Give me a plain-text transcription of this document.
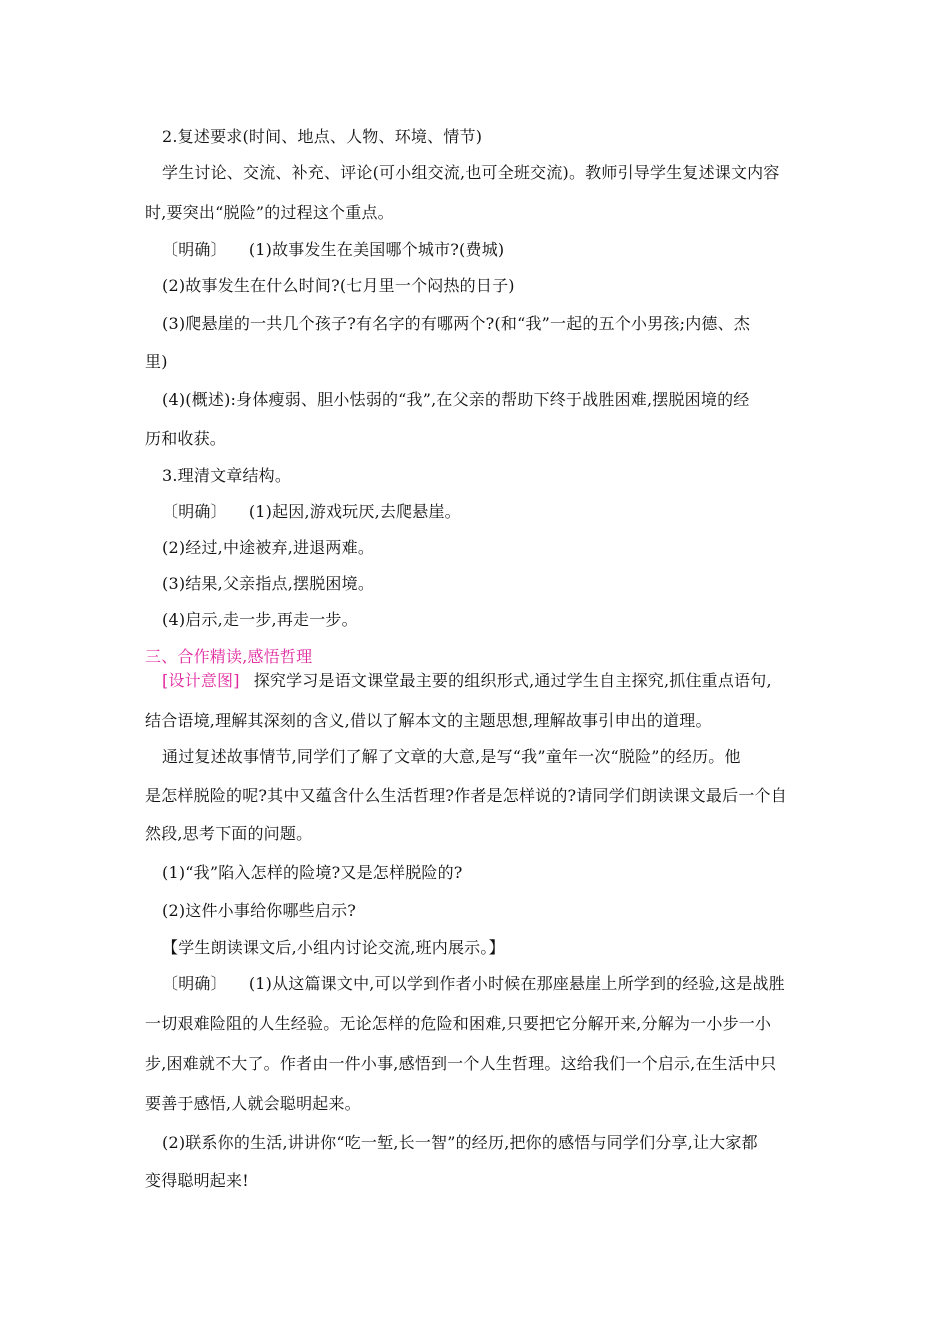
2.复述要求(时间、地点、人物、环境、情节)
学生讨论、交流、补充、评论(可小组交流,也可全班交流)。教师引导学生复述课文内容
时,要突出“脱险”的过程这个重点。
〔明确〕 (1)故事发生在美国哪个城市?(费城)
(2)故事发生在什么时间?(七月里一个闷热的日子)
(3)爬悬崖的一共几个孩子?有名字的有哪两个?(和“我”一起的五个小男孩;内德、杰
里)
(4)(概述):身体瘦弱、胆小怯弱的“我”,在父亲的帮助下终于战胜困难,摆脱困境的经
历和收获。
3.理清文章结构。
〔明确〕 (1)起因,游戏玩厌,去爬悬崖。
(2)经过,中途被弃,进退两难。
(3)结果,父亲指点,摆脱困境。
(4)启示,走一步,再走一步。
三、合作精读,感悟哲理
[设计意图] 探究学习是语文课堂最主要的组织形式,通过学生自主探究,抓住重点语句,
结合语境,理解其深刻的含义,借以了解本文的主题思想,理解故事引申出的道理。
通过复述故事情节,同学们了解了文章的大意,是写“我”童年一次“脱险”的经历。他
是怎样脱险的呢?其中又蕴含什么生活哲理?作者是怎样说的?请同学们朗读课文最后一个自
然段,思考下面的问题。
(1)“我”陷入怎样的险境?又是怎样脱险的?
(2)这件小事给你哪些启示?
【学生朗读课文后,小组内讨论交流,班内展示。】
〔明确〕 (1)从这篇课文中,可以学到作者小时候在那座悬崖上所学到的经验,这是战胜
一切艰难险阻的人生经验。无论怎样的危险和困难,只要把它分解开来,分解为一小步一小
步,困难就不大了。作者由一件小事,感悟到一个人生哲理。这给我们一个启示,在生活中只
要善于感悟,人就会聪明起来。
(2)联系你的生活,讲讲你“吃一堑,长一智”的经历,把你的感悟与同学们分享,让大家都
变得聪明起来!
